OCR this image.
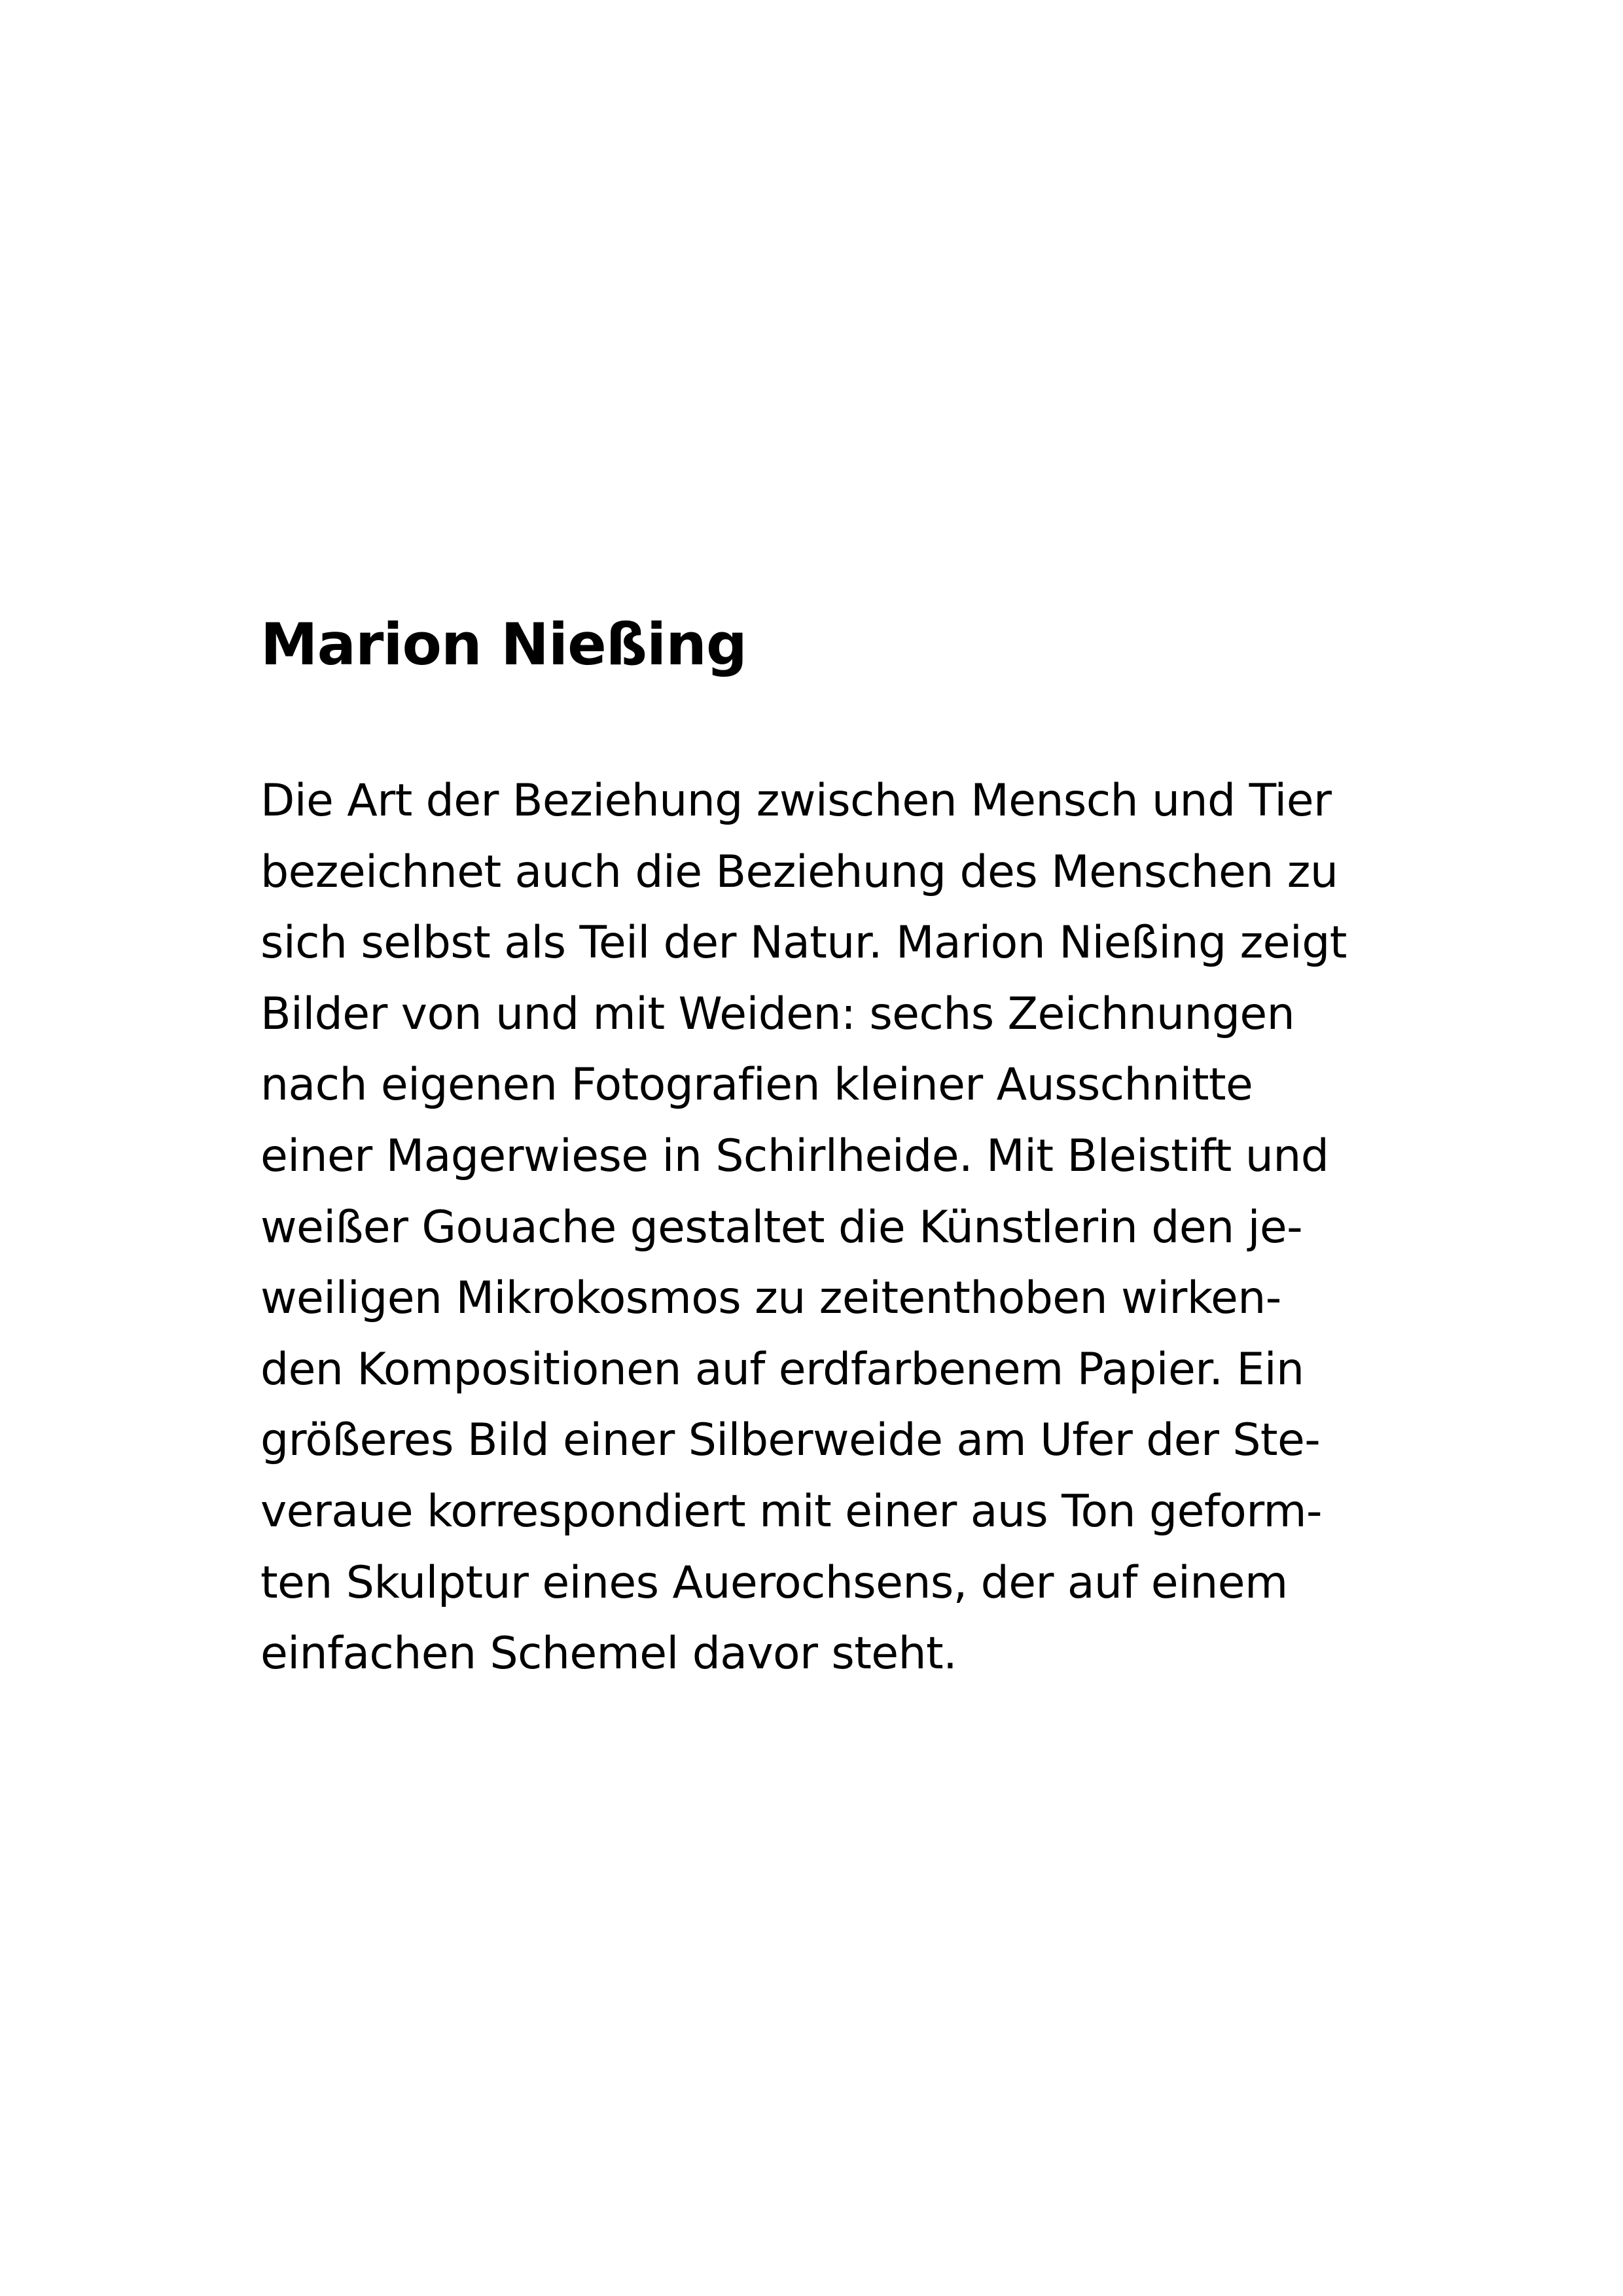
Marion Nießing

Die Art der Beziehung zwischen Mensch und Tier
bezeichnet auch die Beziehung des Menschen zu
sich selbst als Teil der Natur. Marion Nießing zeigt
Bilder von und mit Weiden: sechs Zeichnungen
nach eigenen Fotografien kleiner Ausschnitte
einer Magerwiese in Schirlheide. Mit Bleistift und
weißer Gouache gestaltet die Künstlerin den je-
weiligen Mikrokosmos zu zeitenthoben wirken-
den Kompositionen auf erdfarbenem Papier. Ein
größeres Bild einer Silberweide am Ufer der Ste-
veraue korrespondiert mit einer aus Ton geform-
ten Skulptur eines Auerochsens, der auf einem
einfachen Schemel davor steht.
